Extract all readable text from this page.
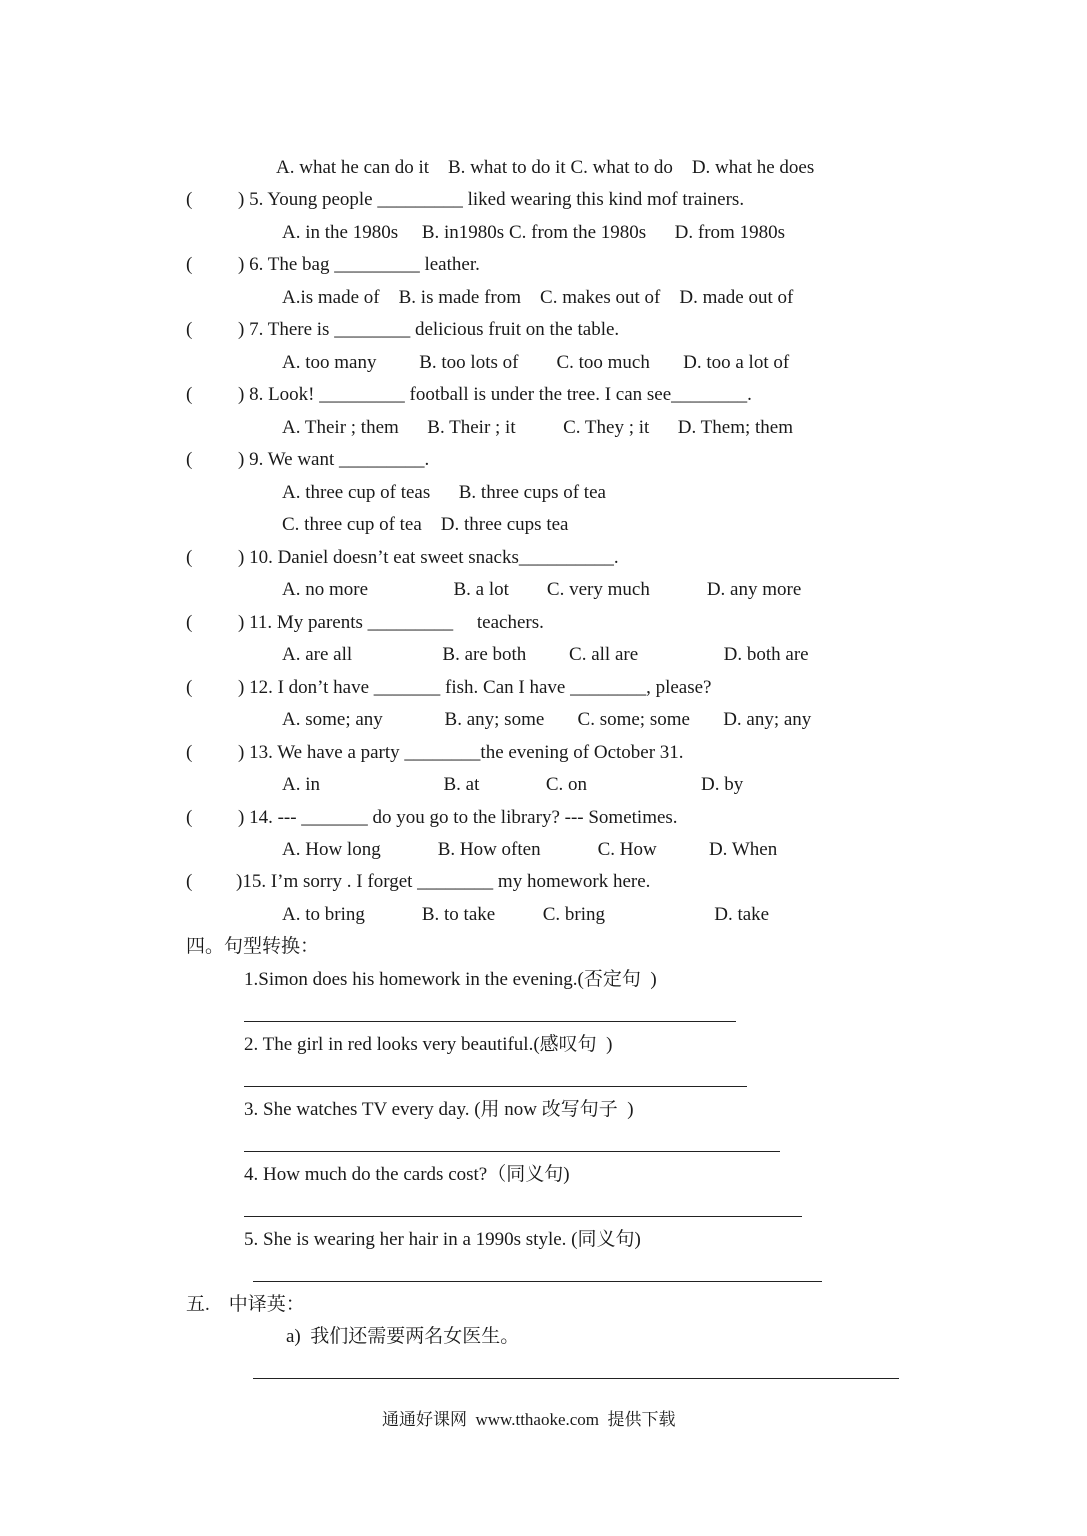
A. what he can do it    B. what to do it C. what to do    D. what he does
( ) 5. Young people _________ liked wearing this kind mof trainers.
A. in the 1980s     B. in1980s C. from the 1980s      D. from 1980s
( ) 6. The bag _________ leather.
A.is made of    B. is made from    C. makes out of    D. made out of
( ) 7. There is ________ delicious fruit on the table.
A. too many         B. too lots of        C. too much       D. too a lot of
( ) 8. Look! _________ football is under the tree. I can see________.
A. Their ; them      B. Their ; it          C. They ; it      D. Them; them
( ) 9. We want _________.
A. three cup of teas      B. three cups of tea
C. three cup of tea    D. three cups tea
( ) 10. Daniel doesn’t eat sweet snacks__________.
A. no more                  B. a lot        C. very much            D. any more
( ) 11. My parents _________     teachers.
A. are all                   B. are both         C. all are                  D. both are
( ) 12. I don’t have _______ fish. Can I have ________, please?
A. some; any             B. any; some       C. some; some       D. any; any
( ) 13. We have a party ________the evening of October 31.
A. in                          B. at              C. on                        D. by
( ) 14. --- _______ do you go to the library? --- Sometimes.
A. How long            B. How often            C. How           D. When
( )15. I’m sorry . I forget ________ my homework here.
A. to bring            B. to take          C. bring                       D. take
四。句型转换：
1.Simon does his homework in the evening.(否定句  )
2. The girl in red looks very beautiful.(感叹句  )
3. She watches TV every day. (用 now 改写句子  )
4. How much do the cards cost?（同义句)
5. She is wearing her hair in a 1990s style. (同义句)
五.    中译英：
a)  我们还需要两名女医生。
通通好课网  www.tthaoke.com  提供下载
